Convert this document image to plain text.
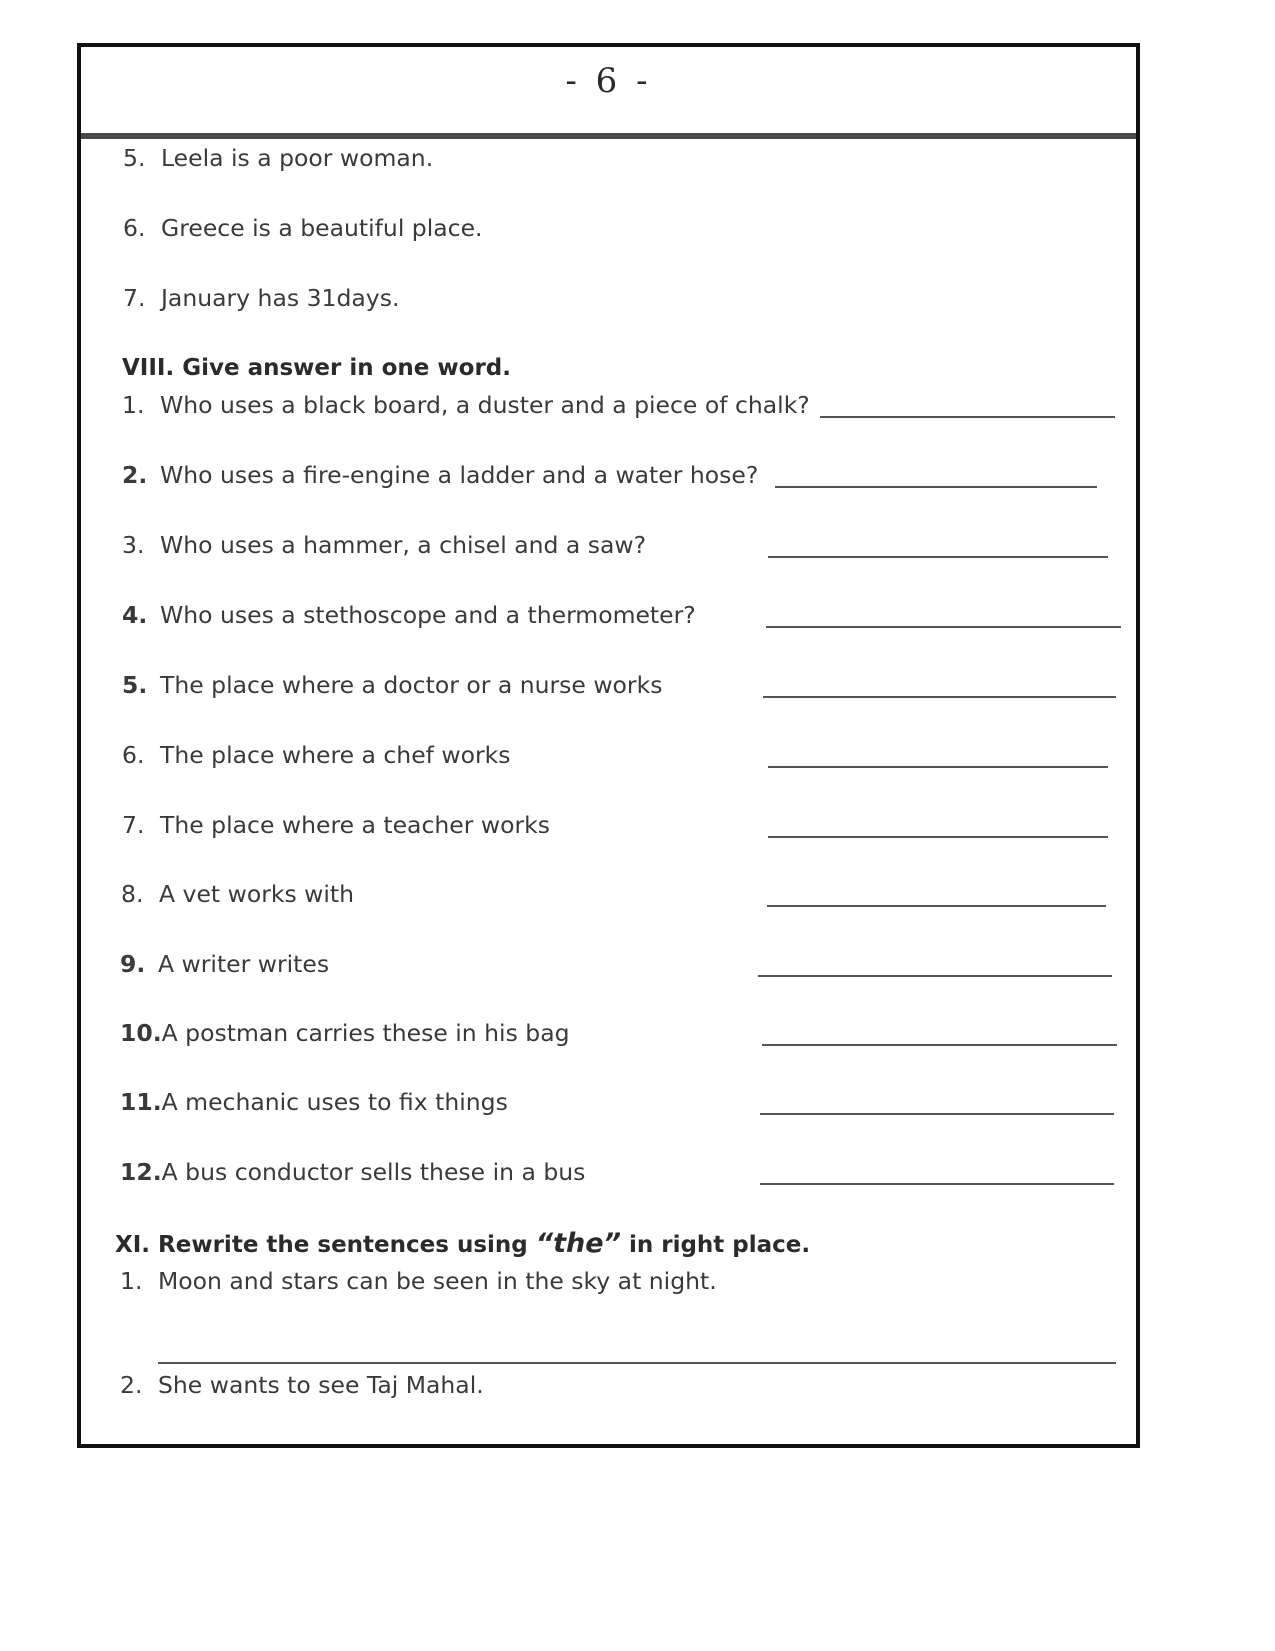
- 6 -
5. Leela is a poor woman.
6. Greece is a beautiful place.
7. January has 31days.
VIII. Give answer in one word.
1. Who uses a black board, a duster and a piece of chalk?
2. Who uses a fire-engine a ladder and a water hose?
3. Who uses a hammer, a chisel and a saw?
4. Who uses a stethoscope and a thermometer?
5. The place where a doctor or a nurse works
6. The place where a chef works
7. The place where a teacher works
8. A vet works with
9. A writer writes
10.A postman carries these in his bag
11.A mechanic uses to fix things
12.A bus conductor sells these in a bus
XI. Rewrite the sentences using “the” in right place.
1. Moon and stars can be seen in the sky at night.
2. She wants to see Taj Mahal.
